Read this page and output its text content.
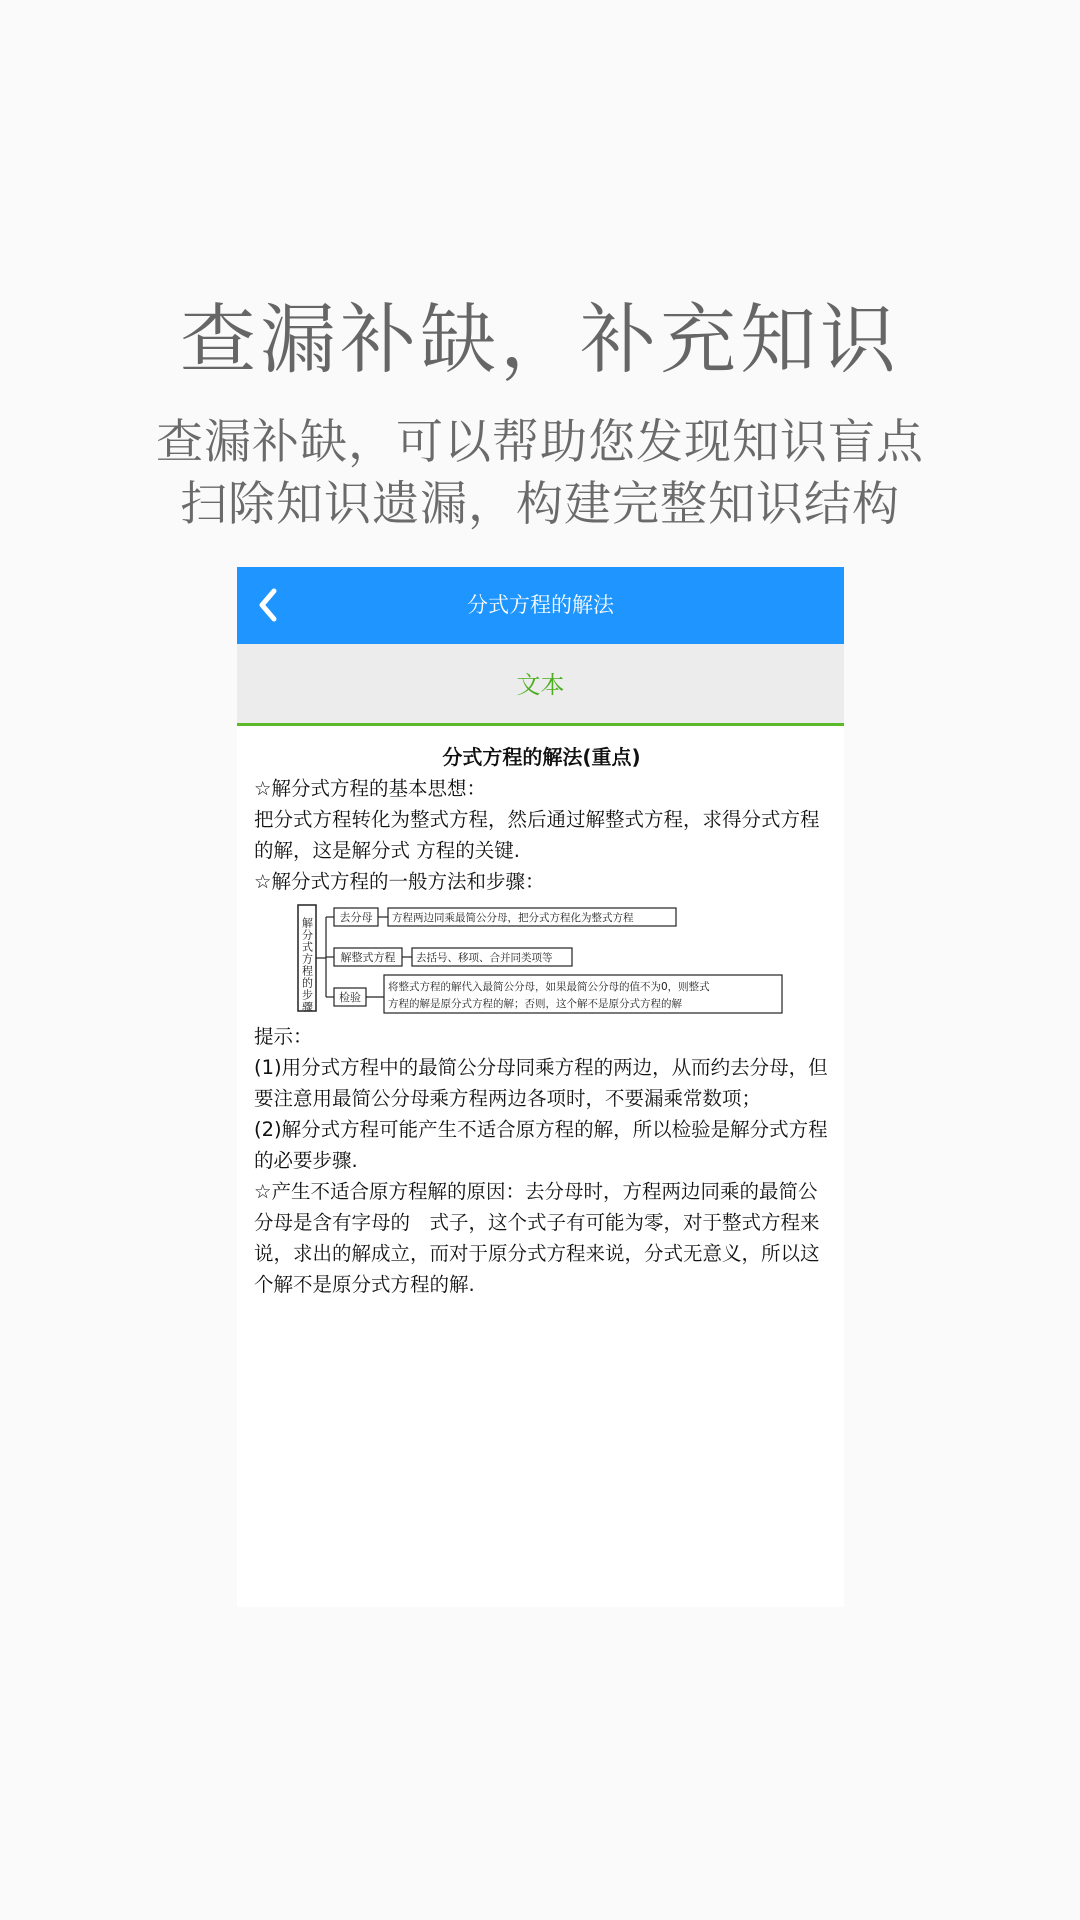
查漏补缺，补充知识
查漏补缺，可以帮助您发现知识盲点
扫除知识遗漏，构建完整知识结构
分式方程的解法
文本

分式方程的解法(重点)

☆解分式方程的基本思想：

把分式方程转化为整式方程，然后通过解整式方程，求得分式方程的解，这是解分式 方程的关键.

☆解分式方程的一般方法和步骤：

解分式方程的步骤 去分母 方程两边同乘最简公分母，把分式方程化为整式方程
解整式方程 去括号、移项、合并同类项等
检验
将整式方程的解代入最简公分母，如果最简公分母的值不为0，则整式
方程的解是原分式方程的解；否则，这个解不是原分式方程的解

提示：

(1)用分式方程中的最简公分母同乘方程的两边，从而约去分母，但要注意用最简公分母乘方程两边各项时，不要漏乘常数项；

(2)解分式方程可能产生不适合原方程的解，所以检验是解分式方程的必要步骤.

☆产生不适合原方程解的原因：去分母时，方程两边同乘的最简公分母是含有字母的　式子，这个式子有可能为零，对于整式方程来说，求出的解成立，而对于原分式方程来说，分式无意义，所以这个解不是原分式方程的解.
